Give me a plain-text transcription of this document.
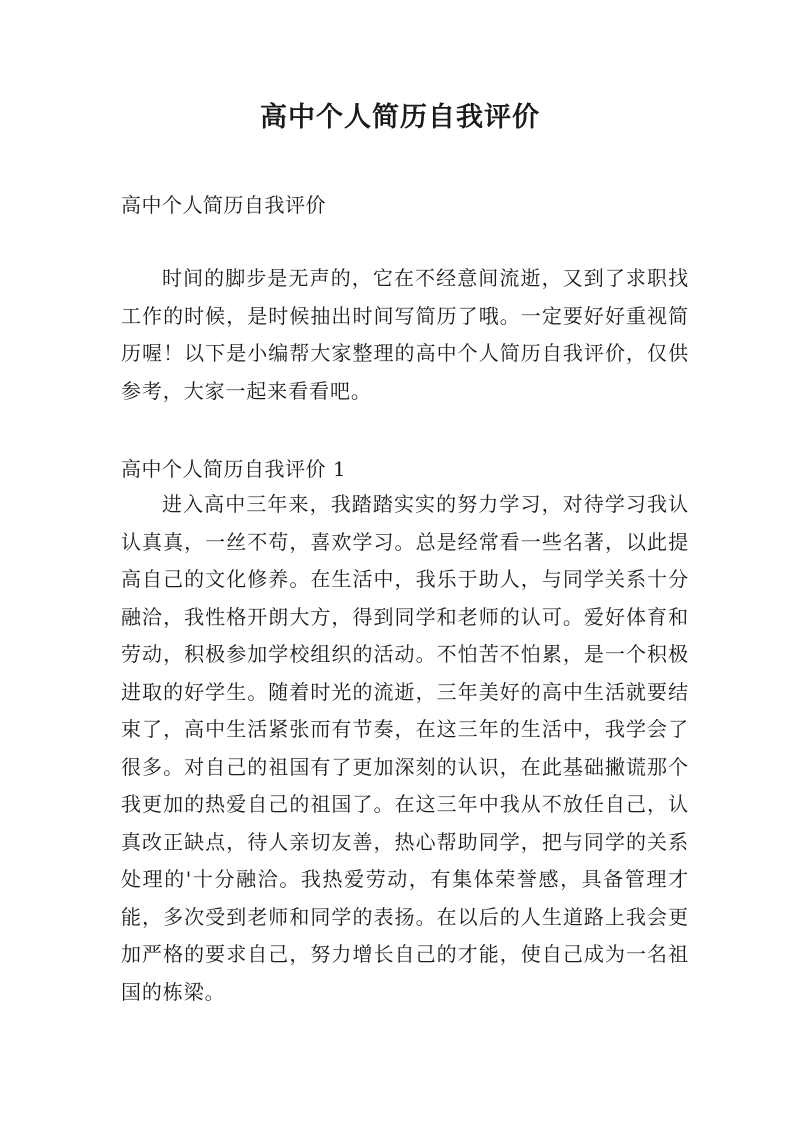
高中个人简历自我评价

高中个人简历自我评价

时间的脚步是无声的，它在不经意间流逝，又到了求职找工作的时候，是时候抽出时间写简历了哦。一定要好好重视简历喔！以下是小编帮大家整理的高中个人简历自我评价，仅供参考，大家一起来看看吧。

高中个人简历自我评价 1

进入高中三年来，我踏踏实实的努力学习，对待学习我认认真真，一丝不苟，喜欢学习。总是经常看一些名著，以此提高自己的文化修养。在生活中，我乐于助人，与同学关系十分融洽，我性格开朗大方，得到同学和老师的认可。爱好体育和劳动，积极参加学校组织的活动。不怕苦不怕累，是一个积极进取的好学生。随着时光的流逝，三年美好的高中生活就要结束了，高中生活紧张而有节奏，在这三年的生活中，我学会了很多。对自己的祖国有了更加深刻的认识，在此基础撇谎那个我更加的热爱自己的祖国了。在这三年中我从不放任自己，认真改正缺点，待人亲切友善，热心帮助同学，把与同学的关系处理的'十分融洽。我热爱劳动，有集体荣誉感，具备管理才能，多次受到老师和同学的表扬。在以后的人生道路上我会更加严格的要求自己，努力增长自己的才能，使自己成为一名祖国的栋梁。
